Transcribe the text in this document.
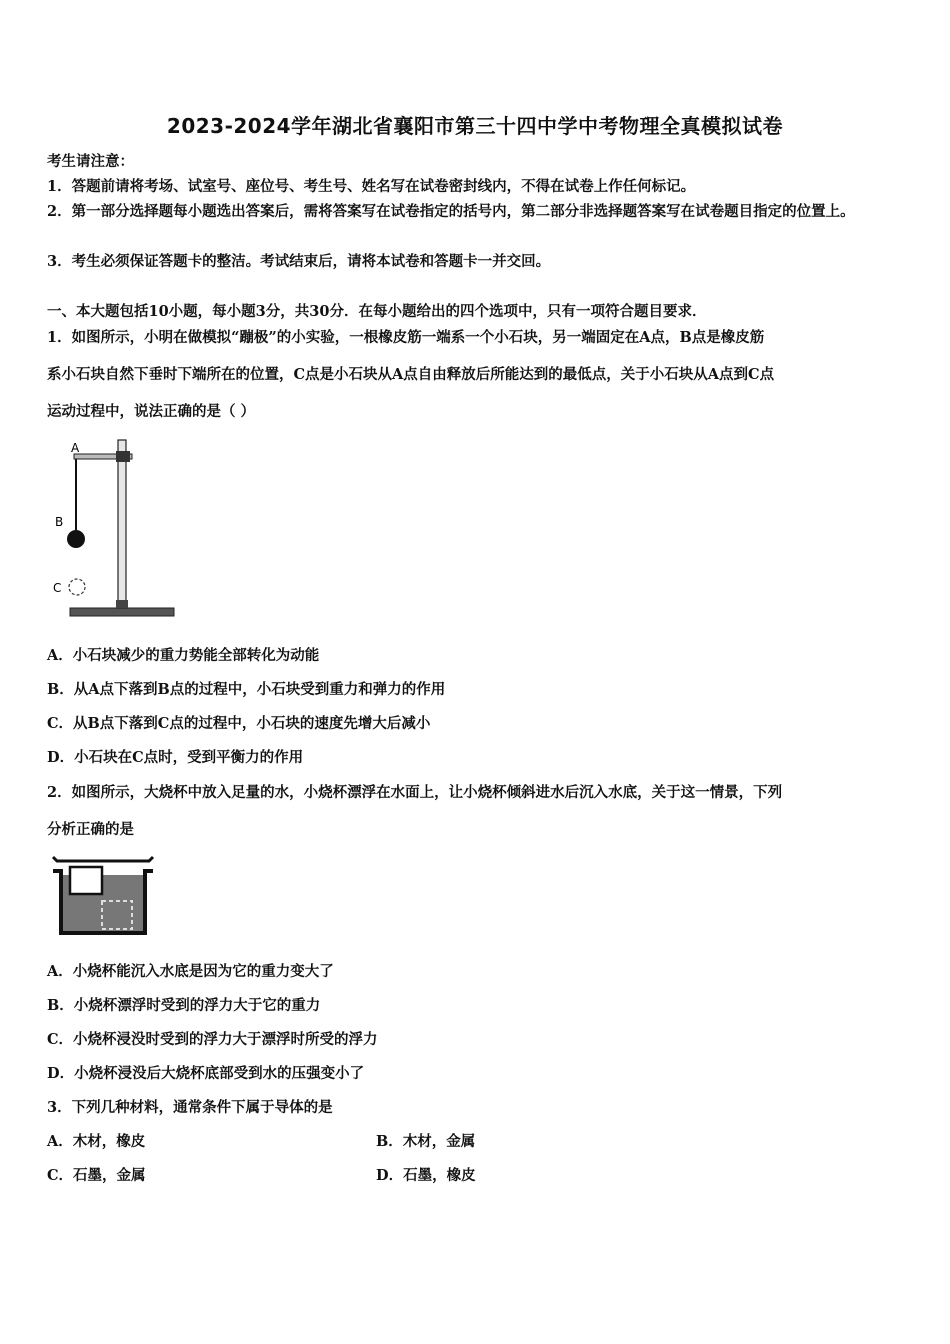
2023-2024学年湖北省襄阳市第三十四中学中考物理全真模拟试卷
考生请注意：
1．答题前请将考场、试室号、座位号、考生号、姓名写在试卷密封线内，不得在试卷上作任何标记。
2．第一部分选择题每小题选出答案后，需将答案写在试卷指定的括号内，第二部分非选择题答案写在试卷题目指定的位置上。
3．考生必须保证答题卡的整洁。考试结束后，请将本试卷和答题卡一并交回。
一、本大题包括10小题，每小题3分，共30分．在每小题给出的四个选项中，只有一项符合题目要求．
1．如图所示，小明在做模拟“蹦极”的小实验，一根橡皮筋一端系一个小石块，另一端固定在A点，B点是橡皮筋
系小石块自然下垂时下端所在的位置，C点是小石块从A点自由释放后所能达到的最低点，关于小石块从A点到C点
运动过程中，说法正确的是（ ）
A
B
C
A．小石块减少的重力势能全部转化为动能
B．从A点下落到B点的过程中，小石块受到重力和弹力的作用
C．从B点下落到C点的过程中，小石块的速度先增大后减小
D．小石块在C点时，受到平衡力的作用
2．如图所示，大烧杯中放入足量的水，小烧杯漂浮在水面上，让小烧杯倾斜进水后沉入水底，关于这一情景，下列
分析正确的是
A．小烧杯能沉入水底是因为它的重力变大了
B．小烧杯漂浮时受到的浮力大于它的重力
C．小烧杯浸没时受到的浮力大于漂浮时所受的浮力
D．小烧杯浸没后大烧杯底部受到水的压强变小了
3．下列几种材料，通常条件下属于导体的是
A．木材，橡皮	B．木材，金属
C．石墨，金属	D．石墨，橡皮
